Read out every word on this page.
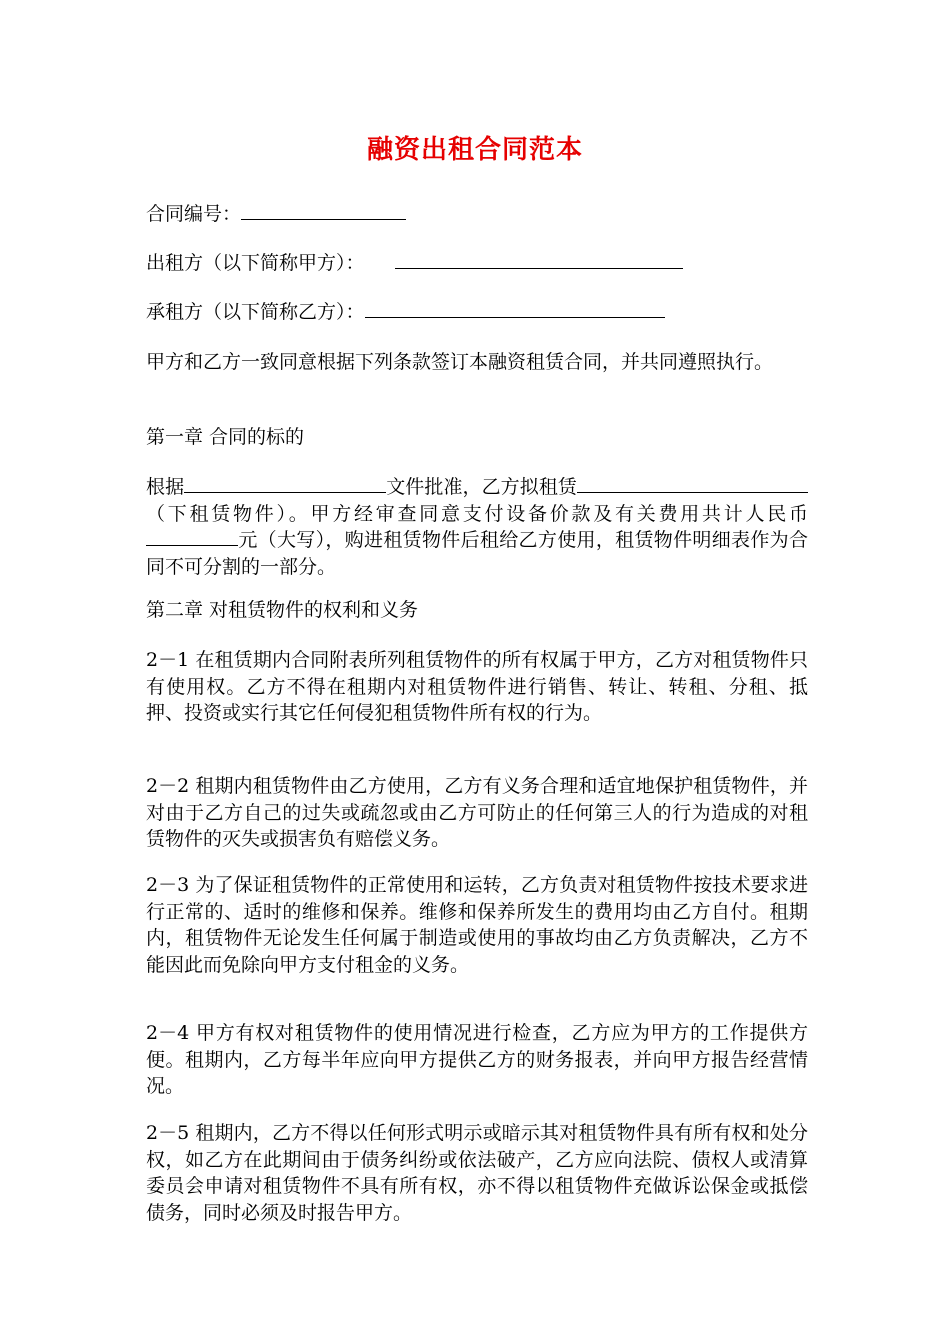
融资出租合同范本
合同编号：
出租方（以下简称甲方）：
承租方（以下简称乙方）：

甲方和乙方一致同意根据下列条款签订本融资租赁合同，并共同遵照执行。

第一章 合同的标的

根据	文件批准，乙方拟租赁（下租赁物件）。甲方经审查同意支付设备价款及有关费用共计人民币元（大写），购进租赁物件后租给乙方使用，租赁物件明细表作为合同不可分割的一部分。

第二章 对租赁物件的权利和义务

2－1 在租赁期内合同附表所列租赁物件的所有权属于甲方，乙方对租赁物件只有使用权。乙方不得在租期内对租赁物件进行销售、转让、转租、分租、抵押、投资或实行其它任何侵犯租赁物件所有权的行为。

2－2 租期内租赁物件由乙方使用，乙方有义务合理和适宜地保护租赁物件，并对由于乙方自己的过失或疏忽或由乙方可防止的任何第三人的行为造成的对租赁物件的灭失或损害负有赔偿义务。

2－3 为了保证租赁物件的正常使用和运转，乙方负责对租赁物件按技术要求进行正常的、适时的维修和保养。维修和保养所发生的费用均由乙方自付。租期内，租赁物件无论发生任何属于制造或使用的事故均由乙方负责解决，乙方不能因此而免除向甲方支付租金的义务。

2－4 甲方有权对租赁物件的使用情况进行检查，乙方应为甲方的工作提供方便。租期内，乙方每半年应向甲方提供乙方的财务报表，并向甲方报告经营情况。

2－5 租期内，乙方不得以任何形式明示或暗示其对租赁物件具有所有权和处分权，如乙方在此期间由于债务纠纷或依法破产，乙方应向法院、债权人或清算委员会申请对租赁物件不具有所有权，亦不得以租赁物件充做诉讼保金或抵偿债务，同时必须及时报告甲方。
